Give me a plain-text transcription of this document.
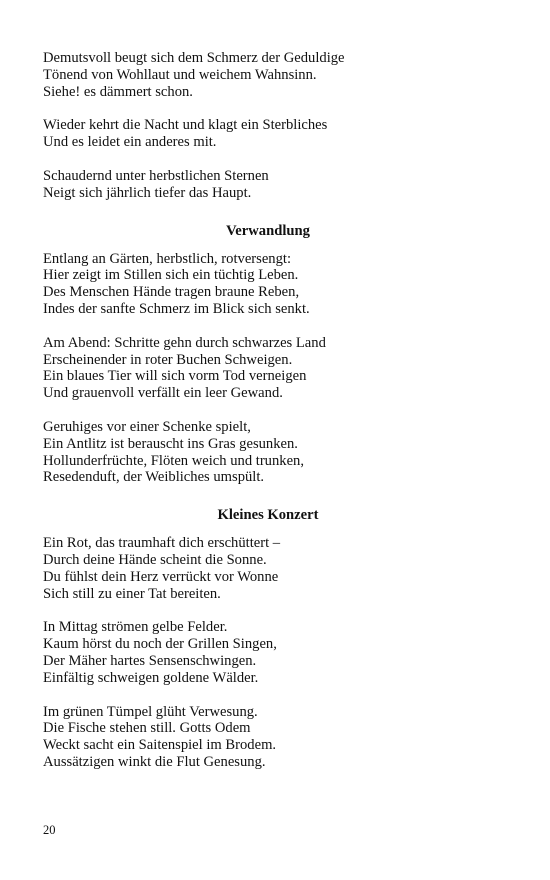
Demutsvoll beugt sich dem Schmerz der Geduldige
Tönend von Wohllaut und weichem Wahnsinn.
Siehe! es dämmert schon.
Wieder kehrt die Nacht und klagt ein Sterbliches
Und es leidet ein anderes mit.
Schaudernd unter herbstlichen Sternen
Neigt sich jährlich tiefer das Haupt.
Verwandlung
Entlang an Gärten, herbstlich, rotversengt:
Hier zeigt im Stillen sich ein tüchtig Leben.
Des Menschen Hände tragen braune Reben,
Indes der sanfte Schmerz im Blick sich senkt.
Am Abend: Schritte gehn durch schwarzes Land
Erscheinender in roter Buchen Schweigen.
Ein blaues Tier will sich vorm Tod verneigen
Und grauenvoll verfällt ein leer Gewand.
Geruhiges vor einer Schenke spielt,
Ein Antlitz ist berauscht ins Gras gesunken.
Hollunderfrüchte, Flöten weich und trunken,
Resedenduft, der Weibliches umspült.
Kleines Konzert
Ein Rot, das traumhaft dich erschüttert –
Durch deine Hände scheint die Sonne.
Du fühlst dein Herz verrückt vor Wonne
Sich still zu einer Tat bereiten.
In Mittag strömen gelbe Felder.
Kaum hörst du noch der Grillen Singen,
Der Mäher hartes Sensenschwingen.
Einfältig schweigen goldene Wälder.
Im grünen Tümpel glüht Verwesung.
Die Fische stehen still. Gotts Odem
Weckt sacht ein Saitenspiel im Brodem.
Aussätzigen winkt die Flut Genesung.
20
